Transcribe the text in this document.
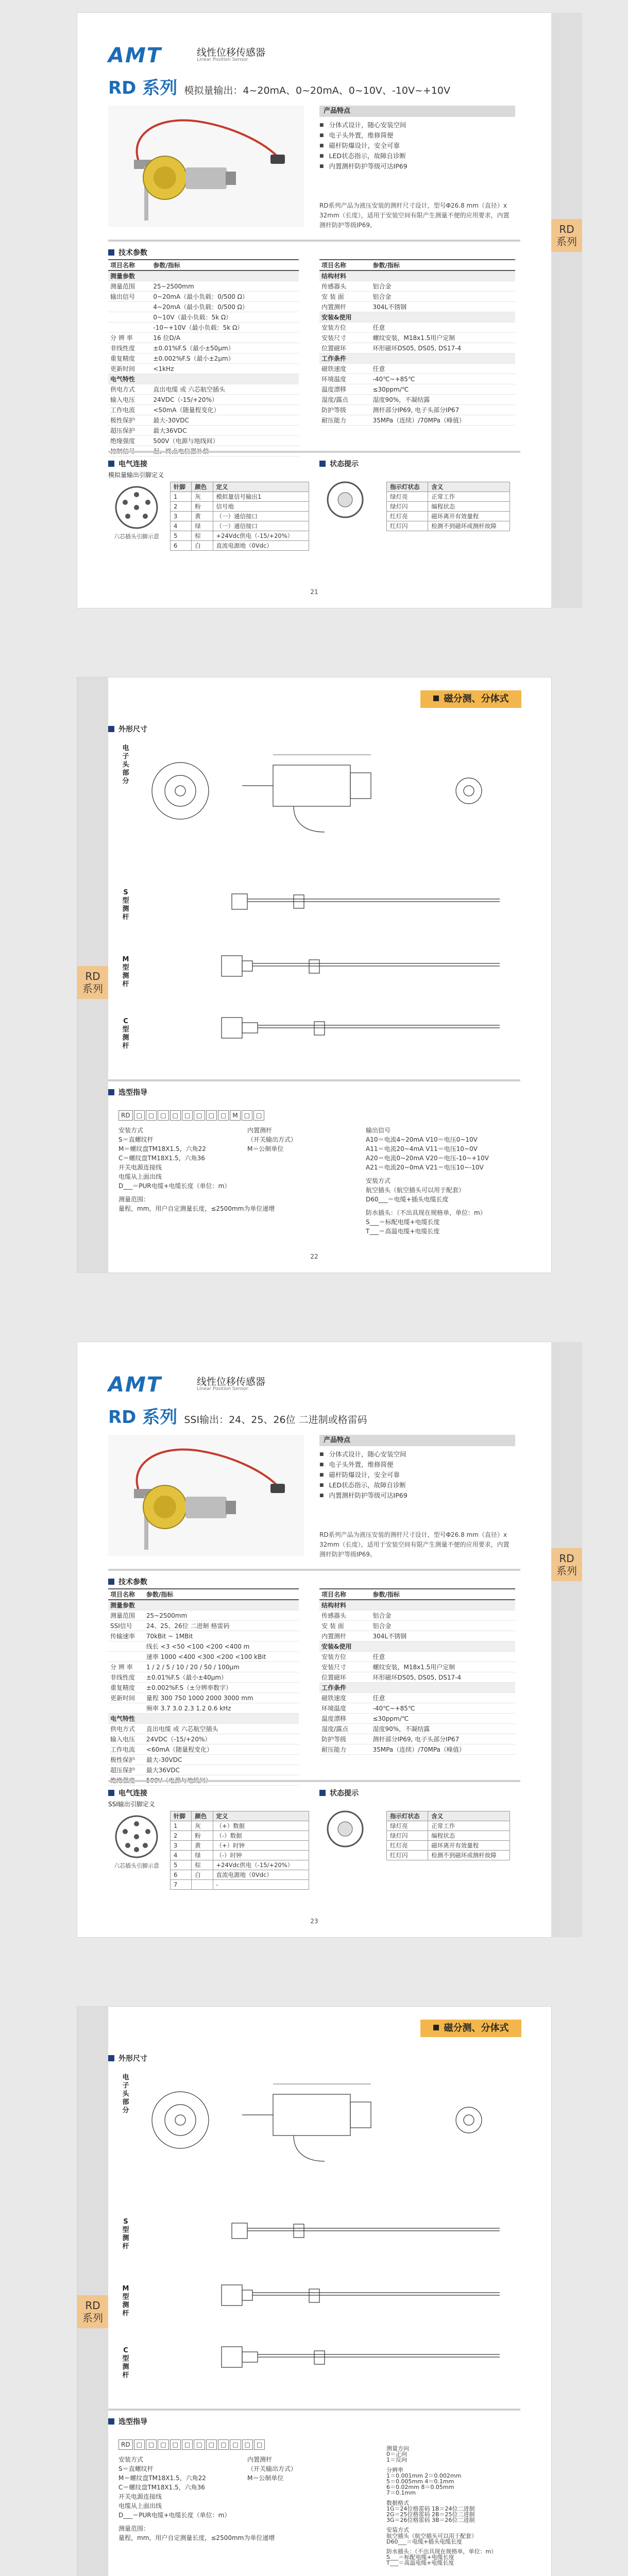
AMT	线性位移传感器
Linear Position Sensor
RD 系列 模拟量输出：4~20mA、0~20mA、0~10V、-10V~+10V
产品特点
■ 分体式设计，随心安装空间
■ 电子头外置，维修简便
■ 磁杆防爆设计，安全可靠
■ LED状态指示，故障自诊断
■ 内置测杆防护等级可达IP69
RD系列产品为液压安装的测杆尺寸设计，型号Φ26.8 mm（直径）x 32mm（长度），适用于安装空间有限产生测量不便的应用要求，内置测杆防护等级IP69。
技术参数
项目名称	参数/指标
测量参数	
测量范围	25~2500mm
输出信号	0~20mA（最小负载：0/500 Ω）
	4~20mA（最小负载：0/500 Ω）
	0~10V（最小负载：5k Ω）
	-10~+10V（最小负载：5k Ω）
分 辨 率	16 位D/A
非线性度	±0.01%F.S（最小±50μm）
重复精度	±0.002%F.S（最小±2μm）
更新时间	<1kHz
电气特性	
供电方式	直出电缆 或 六芯航空插头
输入电压	24VDC（-15/+20%）
工作电流	<50mA（随量程变化）
极性保护	最大-30VDC
超压保护	最大36VDC
绝缘强度	500V（电源与地线间）
控制信号	起、终点电位器补偿
项目名称	参数/指标
结构材料	
传感器头	铝合金
安 装 面	铝合金
内置测杆	304L不锈钢
安装&使用	
安装方位	任意
安装尺寸	螺纹安装，M18x1.5用户定制
位置磁环	环形磁环DS05, DS05, DS17-4
工作条件	
磁铁速度	任意
环境温度	-40℃~+85℃
温度漂移	≤30ppm/℃
湿度/露点	湿度90%，不凝结露
防护等级	测杆部分IP69, 电子头部分IP67
耐压能力	35MPa（连续）/70MPa（峰值）
电气连接
模拟量输出引脚定义
六芯插头引脚示意
针脚	颜色	定义
1	灰	模拟量信号输出1
2	粉	信号地
3	黄	（一）通信接口
4	绿	（一）通信接口
5	棕	+24Vdc供电（-15/+20%）
6	白	直流电源地（0Vdc）
状态提示
指示灯状态	含义
绿灯亮	正常工作
绿灯闪	编程状态
红灯亮	磁环离开有效量程
红灯闪	检测不到磁环或测杆故障
21
RD
系列
磁分测、分体式
外形尺寸
电子头部分
S型测杆
M型测杆
C型测杆
选型指导
RD □ □ □ □ □ □ □ □ M □ □
安装方式
S＝直螺纹杆
M＝螺纹盘TM18X1.5，六角22
C＝螺纹盘TM18X1.5，六角36
开关电源连接线
电缆从上面出线
D___＝PUR电缆+电缆长度（单位：m）
测量范围：
量程，mm，用户自定测量长度，≤2500mm为单位递增
内置测杆
（开关输出方式）
M＝公制单位
输出信号
A10＝电流4~20mA V10＝电压0~10V
A11＝电流20~4mA V11＝电压10~0V
A20＝电流0~20mA V20＝电压-10~+10V
A21＝电流20~0mA V21＝电压10~-10V
安装方式
航空插头（航空插头可以用于配套）
D60___＝电缆+插头电缆长度
防水插头：（不出具现在规格单，单位：m）
S___＝标配电缆+电缆长度
T___＝高温电缆+电缆长度
22
RD
系列
AMT	线性位移传感器
Linear Position Sensor
RD 系列 SSI输出：24、25、26位 二进制或格雷码
产品特点
■ 分体式设计，随心安装空间
■ 电子头外置，维修简便
■ 磁杆防爆设计，安全可靠
■ LED状态指示，故障自诊断
■ 内置测杆防护等级可达IP69
RD系列产品为液压安装的测杆尺寸设计，型号Φ26.8 mm（直径）x 32mm（长度），适用于安装空间有限产生测量不便的应用要求，内置测杆防护等级IP69。
技术参数
项目名称	参数/指标
测量参数	
测量范围	25~2500mm
SSI信号	24、25、26位 二进制 格雷码
传输速率	70kBit ~ 1MBit
	线长 <3 <50 <100 <200 <400 m
	速率 1000 <400 <300 <200 <100 kBit
分 辨 率	1 / 2 / 5 / 10 / 20 / 50 / 100μm
非线性度	±0.01%F.S（最小±40μm）
重复精度	±0.002%F.S（±分辨率数字）
更新时间	量程 300 750 1000 2000 3000 mm
	频率 3.7 3.0 2.3 1.2 0.6 kHz
电气特性	
供电方式	直出电缆 或 六芯航空插头
输入电压	24VDC（-15/+20%）
工作电流	<60mA（随量程变化）
极性保护	最大-30VDC
超压保护	最大36VDC
绝缘强度	500V（电源与地线间）
项目名称	参数/指标
结构材料	
传感器头	铝合金
安 装 面	铝合金
内置测杆	304L不锈钢
安装&使用	
安装方位	任意
安装尺寸	螺纹安装，M18x1.5用户定制
位置磁环	环形磁环DS05, DS05, DS17-4
工作条件	
磁铁速度	任意
环境温度	-40℃~+85℃
温度漂移	≤30ppm/℃
湿度/露点	湿度90%，不凝结露
防护等级	测杆部分IP69, 电子头部分IP67
耐压能力	35MPa（连续）/70MPa（峰值）
电气连接
SSI输出引脚定义
六芯插头引脚示意
针脚	颜色	定义
1	灰	（+）数据
2	粉	（-）数据
3	黄	（+）时钟
4	绿	（-）时钟
5	棕	+24Vdc供电（-15/+20%）
6	白	直流电源地（0Vdc）
7		-
状态提示
指示灯状态	含义
绿灯亮	正常工作
绿灯闪	编程状态
红灯亮	磁环离开有效量程
红灯闪	检测不到磁环或测杆故障
23
RD
系列
磁分测、分体式
外形尺寸
电子头部分
S型测杆
M型测杆
C型测杆
选型指导
RD □ □ □ □ □ □ □ □ □ □ □
安装方式
S＝直螺纹杆
M＝螺纹盘TM18X1.5，六角22
C＝螺纹盘TM18X1.5，六角36
开关电源连接线
电缆从上面出线
D___＝PUR电缆+电缆长度（单位：m）
测量范围：
量程，mm，用户自定测量长度，≤2500mm为单位递增
内置测杆
（开关输出方式）
M＝公制单位
测量方向
0＝正向
1＝反向
分辨率
1＝0.001mm 2＝0.002mm
5＝0.005mm 4＝0.1mm
6＝0.02mm 8＝0.05mm
7＝0.1mm
数据格式
1G＝24位格雷码 1B＝24位二进制
2G＝25位格雷码 2B＝25位二进制
3G＝26位格雷码 3B＝26位二进制
安装方式
航空插头（航空插头可以用于配套）
D60___＝电缆+插头电缆长度
防水插头：（不出具现在规格单，单位：m）
S___＝标配电缆+电缆长度
T___＝高温电缆+电缆长度
RD
系列
